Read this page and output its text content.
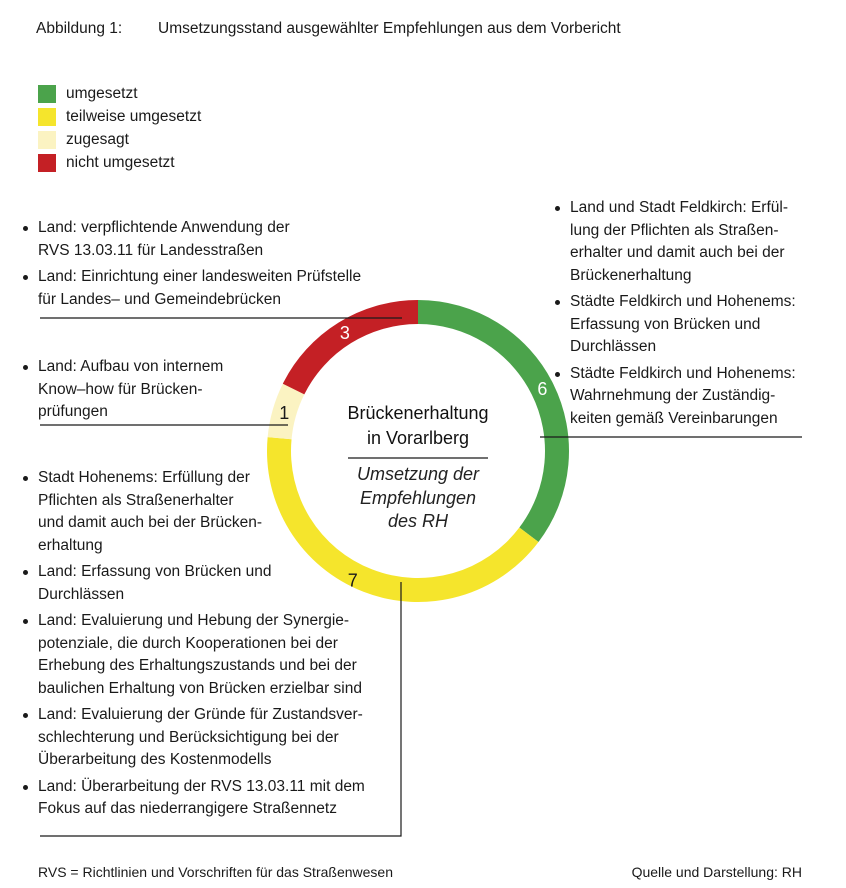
Abbildung 1: Umsetzungsstand ausgewählter Empfehlungen aus dem Vorbericht
umgesetzt
teilweise umgesetzt
zugesagt
nicht umgesetzt
6
7
1
3
Brückenerhaltung
in Vorarlberg
Umsetzung der
Empfehlungen
des RH
Land: verpflichtende Anwendung der
RVS 13.03.11 für Landesstraßen
Land: Einrichtung einer landesweiten Prüfstelle
für Landes– und Gemeindebrücken
Land: Aufbau von internem
Know–how für Brücken-
prüfungen
Stadt Hohenems: Erfüllung der
Pflichten als Straßenerhalter
und damit auch bei der Brücken-
erhaltung
Land: Erfassung von Brücken und
Durchlässen
Land: Evaluierung und Hebung der Synergie-
potenziale, die durch Kooperationen bei der
Erhebung des Erhaltungszustands und bei der
baulichen Erhaltung von Brücken erzielbar sind
Land: Evaluierung der Gründe für Zustandsver-
schlechterung und Berücksichtigung bei der
Überarbeitung des Kostenmodells
Land: Überarbeitung der RVS 13.03.11 mit dem
Fokus auf das niederrangigere Straßennetz
Land und Stadt Feldkirch: Erfül-
lung der Pflichten als Straßen-
erhalter und damit auch bei der
Brückenerhaltung
Städte Feldkirch und Hohenems:
Erfassung von Brücken und
Durchlässen
Städte Feldkirch und Hohenems:
Wahrnehmung der Zuständig-
keiten gemäß Vereinbarungen
RVS = Richtlinien und Vorschriften für das Straßenwesen	Quelle und Darstellung: RH
